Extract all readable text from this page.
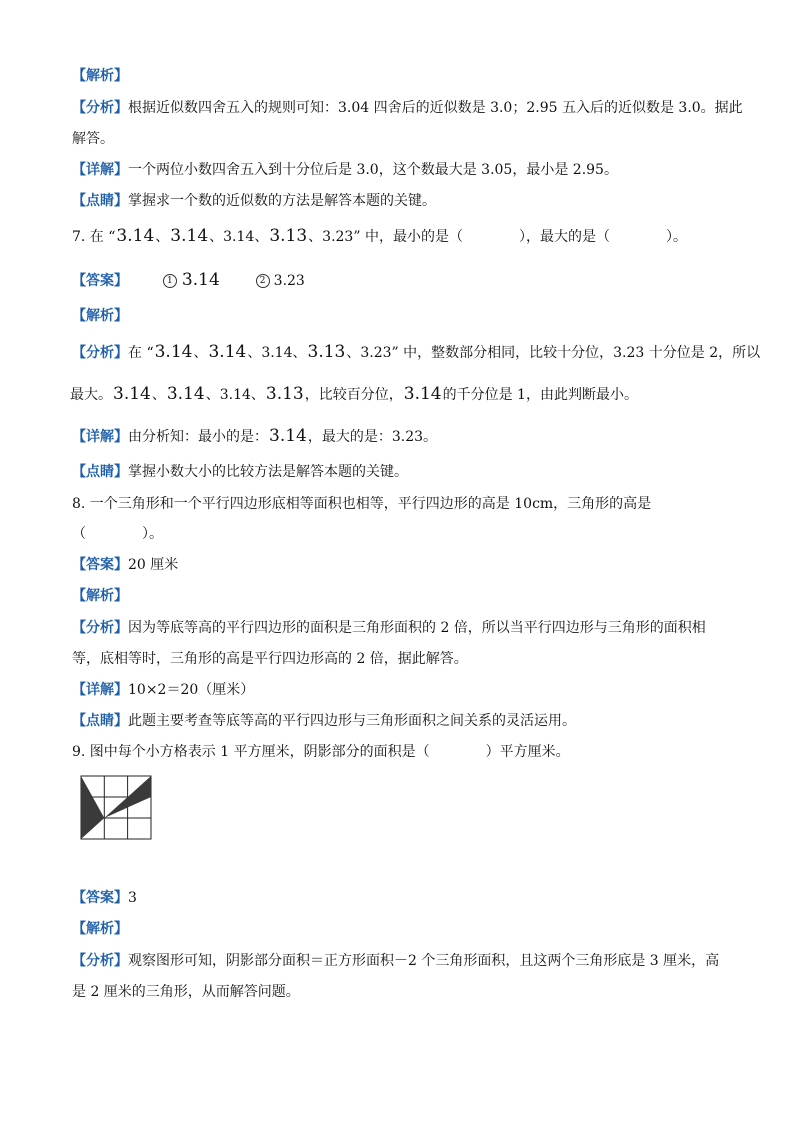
【解析】
【分析】根据近似数四舍五入的规则可知：3.04 四舍后的近似数是 3.0；2.95 五入后的近似数是 3.0。据此
解答。
【详解】一个两位小数四舍五入到十分位后是 3.0，这个数最大是 3.05，最小是 2.95。
【点睛】掌握求一个数的近似数的方法是解答本题的关键。
7. 在 “3.14、3.14、3.14、3.13、3.23” 中，最小的是（　　　　），最大的是（　　　　）。
【答案】	1 3.14	2 3.23
【解析】
【分析】在 “3.14、3.14、3.14、3.13、3.23” 中，整数部分相同，比较十分位，3.23 十分位是 2，所以
最大。3.14、3.14、3.14、3.13，比较百分位，3.14的千分位是 1，由此判断最小。
【详解】由分析知：最小的是：3.14，最大的是：3.23。
【点睛】掌握小数大小的比较方法是解答本题的关键。
8. 一个三角形和一个平行四边形底相等面积也相等，平行四边形的高是 10cm，三角形的高是
（　　　　）。
【答案】20 厘米
【解析】
【分析】因为等底等高的平行四边形的面积是三角形面积的 2 倍，所以当平行四边形与三角形的面积相
等，底相等时，三角形的高是平行四边形高的 2 倍，据此解答。
【详解】10×2＝20（厘米）
【点睛】此题主要考查等底等高的平行四边形与三角形面积之间关系的灵活运用。
9. 图中每个小方格表示 1 平方厘米，阴影部分的面积是（　　　　）平方厘米。
【答案】3
【解析】
【分析】观察图形可知，阴影部分面积＝正方形面积－2 个三角形面积，且这两个三角形底是 3 厘米，高
是 2 厘米的三角形，从而解答问题。
